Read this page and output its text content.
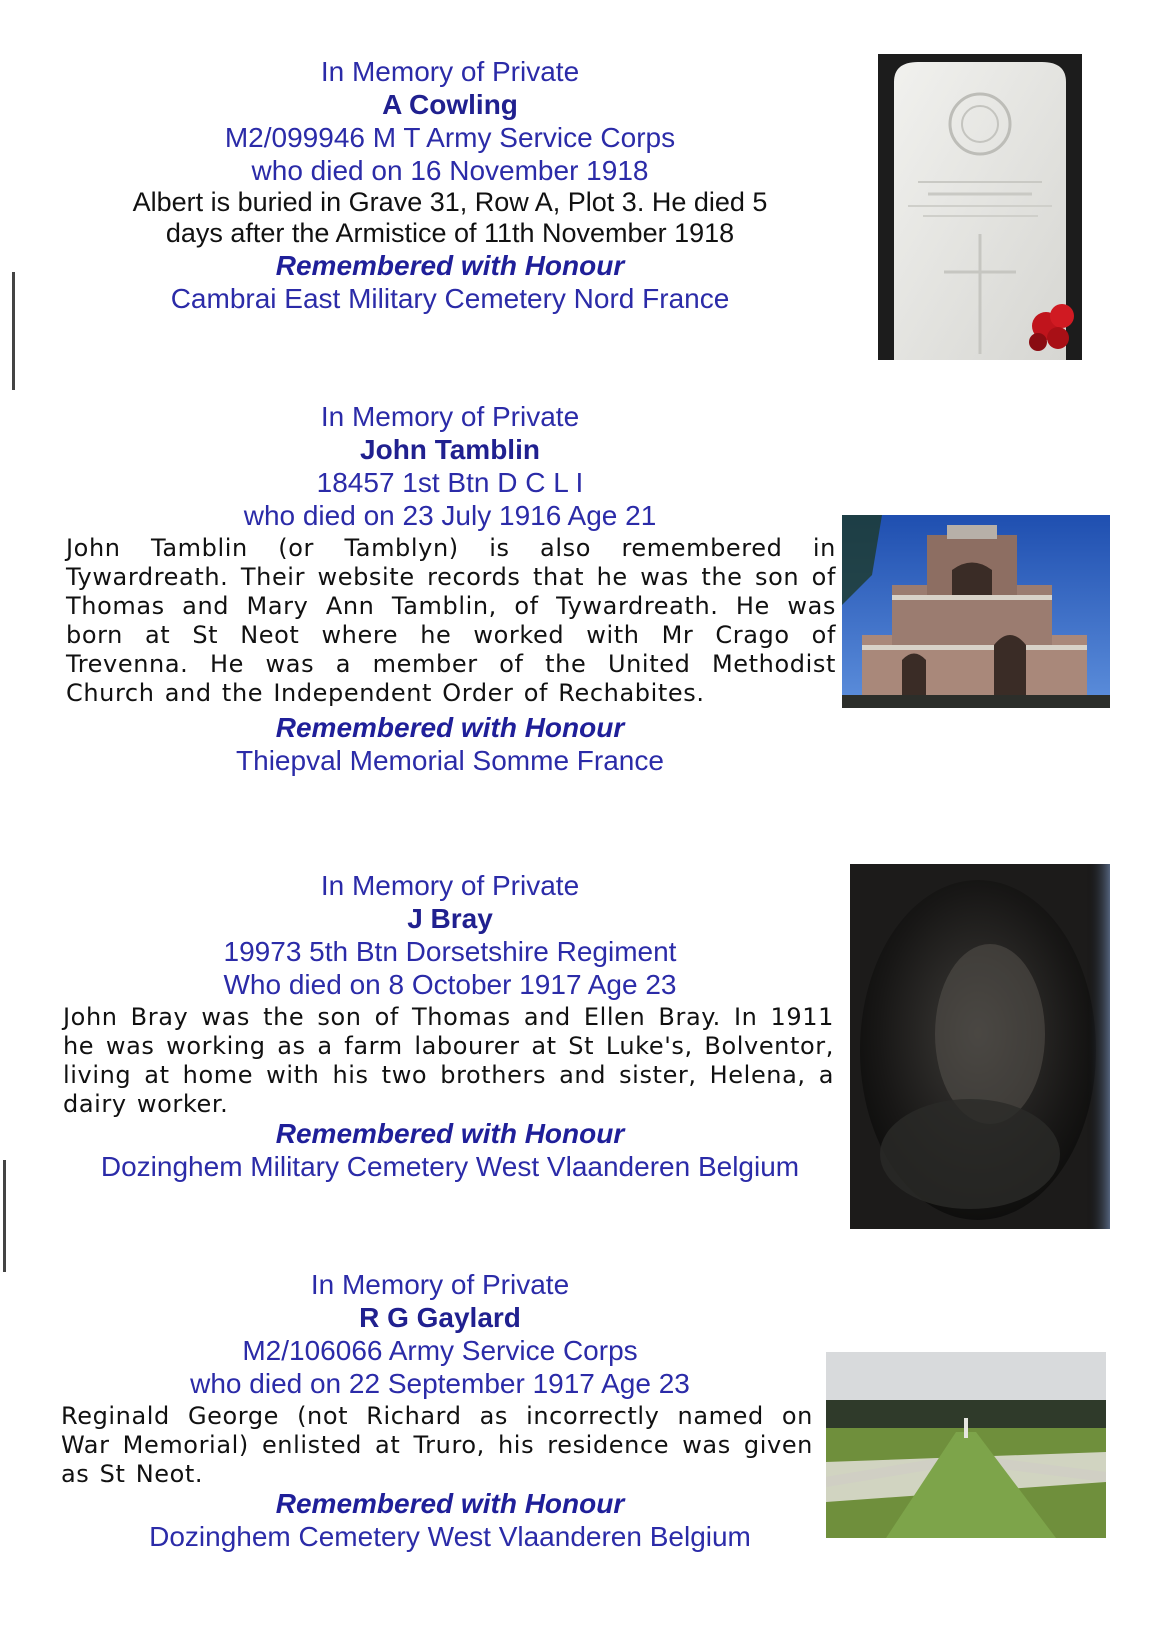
In Memory of Private
A Cowling
M2/099946 M T Army Service Corps
who died on 16 November 1918
Albert is buried in Grave 31, Row A, Plot 3. He died 5
days after the Armistice of 11th November 1918
Remembered with Honour
Cambrai East Military Cemetery Nord France
In Memory of Private
John Tamblin
18457 1st Btn D C L I
who died on 23 July 1916 Age 21
John Tamblin (or Tamblyn) is also remembered in Tywardreath. Their website records that he was the son of Thomas and Mary Ann Tamblin, of Tywardreath. He was born at St Neot where he worked with Mr Crago of Trevenna. He was a member of the United Methodist Church and the Independent Order of Rechabites.
Remembered with Honour
Thiepval Memorial Somme France
In Memory of Private
J Bray
19973 5th Btn Dorsetshire Regiment
Who died on 8 October 1917 Age 23
John Bray was the son of Thomas and Ellen Bray. In 1911 he was working as a farm labourer at St Luke's, Bolventor, living at home with his two brothers and sister, Helena, a dairy worker.
Remembered with Honour
Dozinghem Military Cemetery West Vlaanderen Belgium
In Memory of Private
R G Gaylard
M2/106066 Army Service Corps
who died on 22 September 1917 Age 23
Reginald George (not Richard as incorrectly named on War Memorial) enlisted at Truro, his residence was given as St Neot.
Remembered with Honour
Dozinghem Cemetery West Vlaanderen Belgium
